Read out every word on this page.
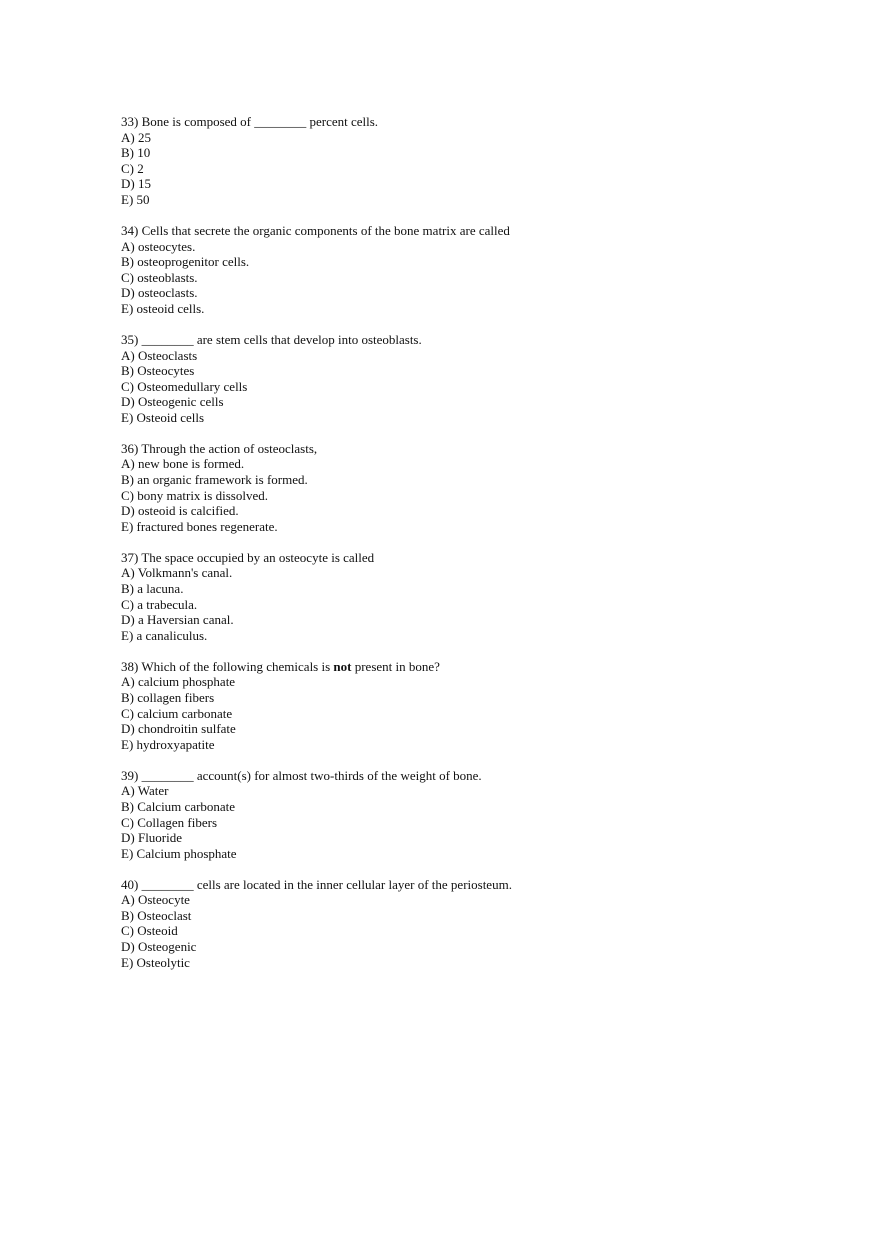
33) Bone is composed of ________ percent cells.
A) 25
B) 10
C) 2
D) 15
E) 50
34) Cells that secrete the organic components of the bone matrix are called
A) osteocytes.
B) osteoprogenitor cells.
C) osteoblasts.
D) osteoclasts.
E) osteoid cells.
35) ________ are stem cells that develop into osteoblasts.
A) Osteoclasts
B) Osteocytes
C) Osteomedullary cells
D) Osteogenic cells
E) Osteoid cells
36) Through the action of osteoclasts,
A) new bone is formed.
B) an organic framework is formed.
C) bony matrix is dissolved.
D) osteoid is calcified.
E) fractured bones regenerate.
37) The space occupied by an osteocyte is called
A) Volkmann's canal.
B) a lacuna.
C) a trabecula.
D) a Haversian canal.
E) a canaliculus.
38) Which of the following chemicals is not present in bone?
A) calcium phosphate
B) collagen fibers
C) calcium carbonate
D) chondroitin sulfate
E) hydroxyapatite
39) ________ account(s) for almost two-thirds of the weight of bone.
A) Water
B) Calcium carbonate
C) Collagen fibers
D) Fluoride
E) Calcium phosphate
40) ________ cells are located in the inner cellular layer of the periosteum.
A) Osteocyte
B) Osteoclast
C) Osteoid
D) Osteogenic
E) Osteolytic
